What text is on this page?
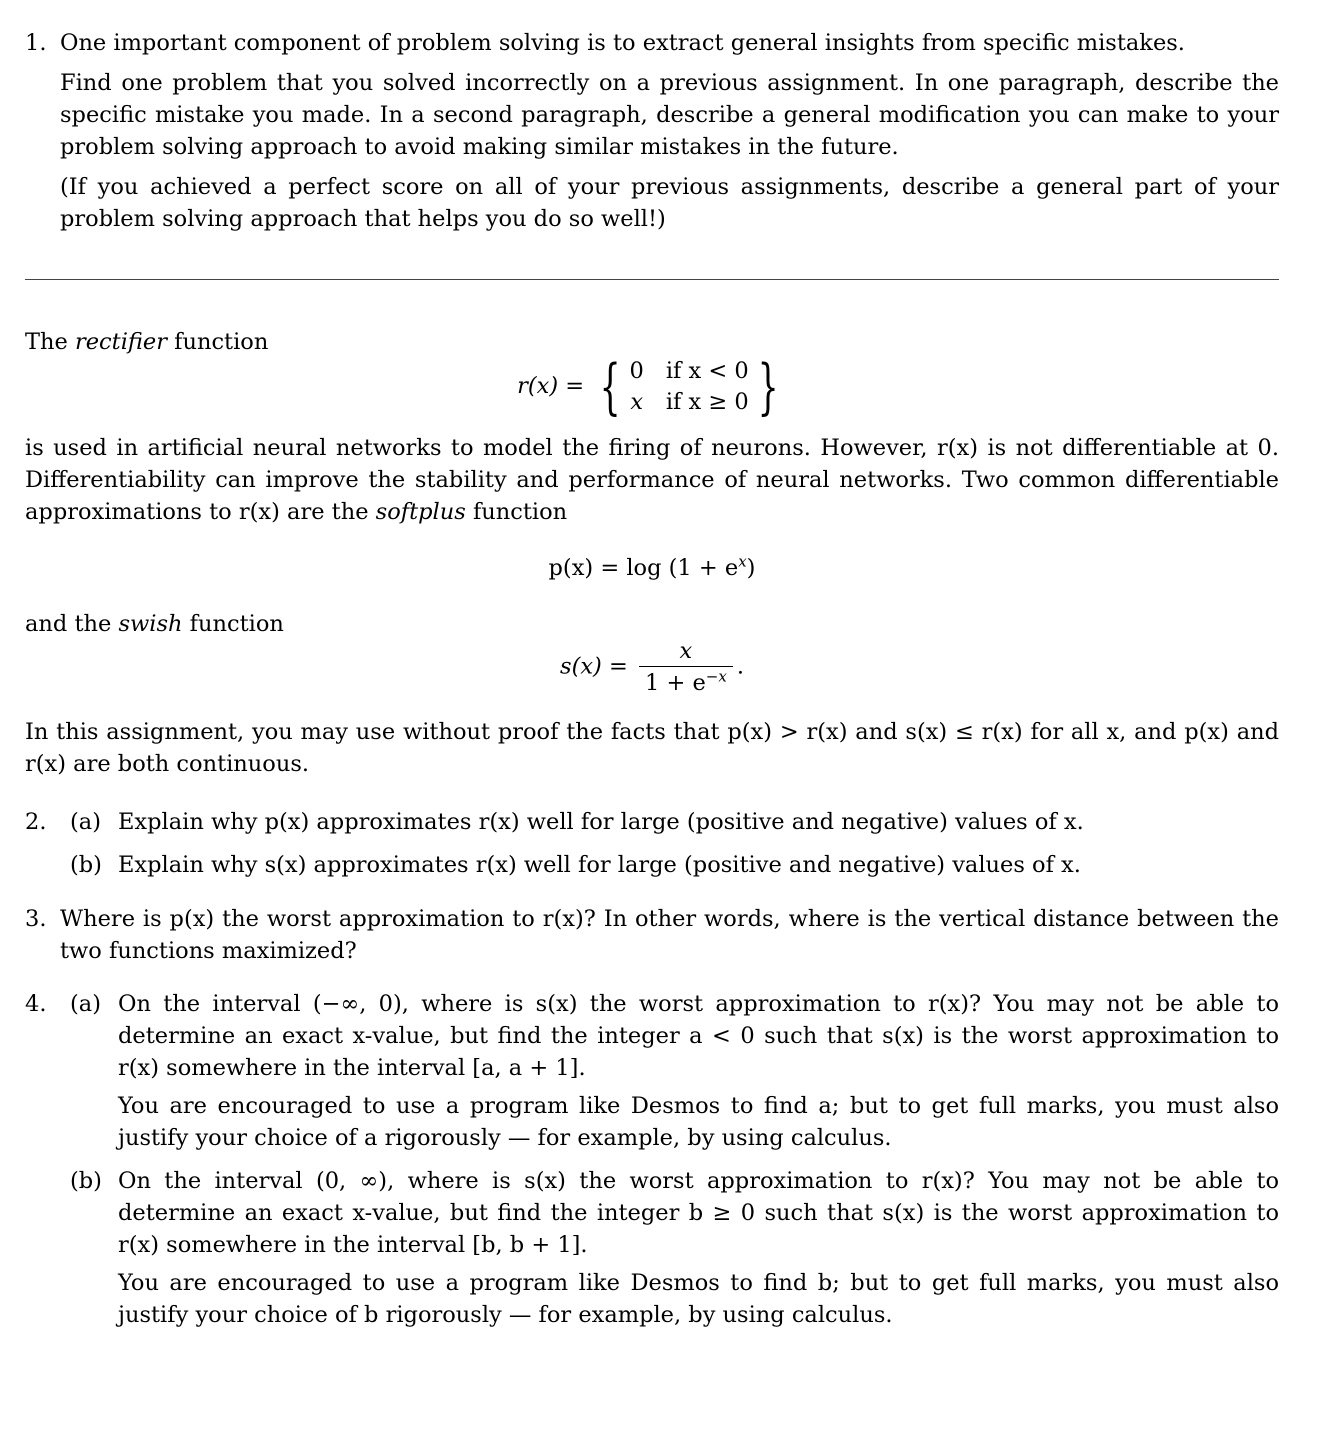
1. One important component of problem solving is to extract general insights from specific mistakes.

Find one problem that you solved incorrectly on a previous assignment. In one paragraph, describe the specific mistake you made. In a second paragraph, describe a general modification you can make to your problem solving approach to avoid making similar mistakes in the future.

(If you achieved a perfect score on all of your previous assignments, describe a general part of your problem solving approach that helps you do so well!)

The rectifier function

r(x) = { 0 if x < 0
x if x ≥ 0 }

is used in artificial neural networks to model the firing of neurons. However, r(x) is not differentiable at 0. Differentiability can improve the stability and performance of neural networks. Two common differentiable approximations to r(x) are the softplus function

$p(x) = \log (1 + e^x)$

and the swish function

$s(x) = \frac{x}{1 + e^{-x}}$ .

In this assignment, you may use without proof the facts that p(x) > r(x) and s(x) ≤ r(x) for all x, and p(x) and r(x) are both continuous.

2. (a) Explain why p(x) approximates r(x) well for large (positive and negative) values of x.

(b) Explain why s(x) approximates r(x) well for large (positive and negative) values of x.

3. Where is p(x) the worst approximation to r(x)? In other words, where is the vertical distance between the two functions maximized?

4. (a) On the interval (−∞, 0), where is s(x) the worst approximation to r(x)? You may not be able to determine an exact x-value, but find the integer a < 0 such that s(x) is the worst approximation to r(x) somewhere in the interval [a, a + 1].

You are encouraged to use a program like Desmos to find a; but to get full marks, you must also justify your choice of a rigorously — for example, by using calculus.

(b) On the interval (0, ∞), where is s(x) the worst approximation to r(x)? You may not be able to determine an exact x-value, but find the integer b ≥ 0 such that s(x) is the worst approximation to r(x) somewhere in the interval [b, b + 1].

You are encouraged to use a program like Desmos to find b; but to get full marks, you must also justify your choice of b rigorously — for example, by using calculus.
